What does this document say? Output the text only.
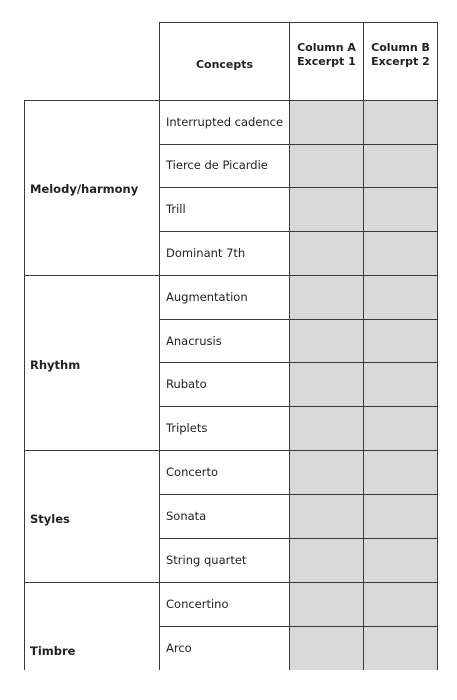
Concepts
Column A
Excerpt 1
Column B
Excerpt 2
Melody/harmony
Rhythm
Styles
Timbre
Interrupted cadence
Tierce de Picardie
Trill
Dominant 7th
Augmentation
Anacrusis
Rubato
Triplets
Concerto
Sonata
String quartet
Concertino
Arco
